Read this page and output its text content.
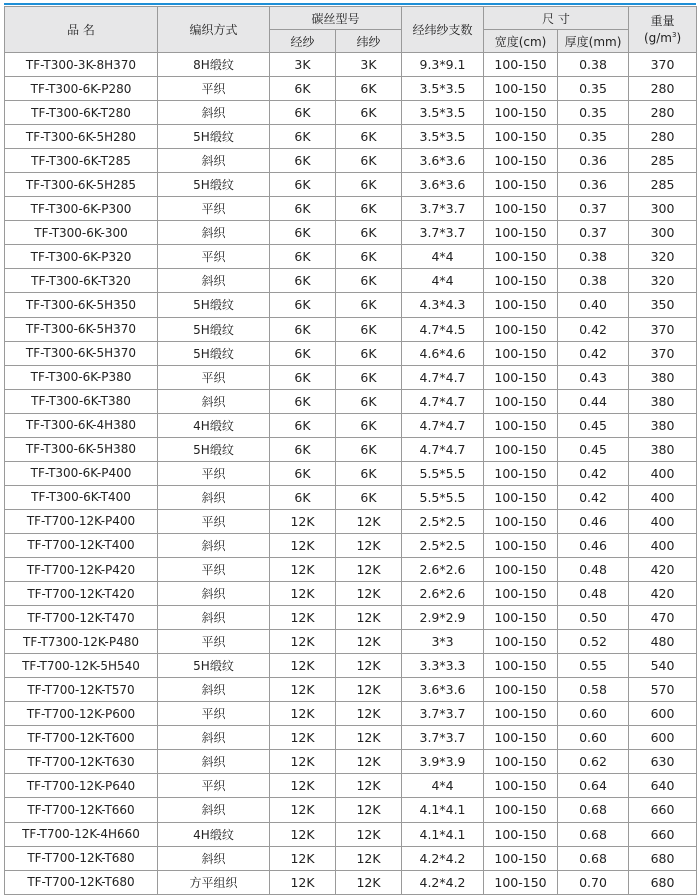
品 名	编织方式	碳丝型号		经纬纱支数	尺 寸		重量
$(g/m^3)$

		经纱	纬纱		宽度(cm)	厚度(mm)	
TF-T300-3K-8H370	8H缎纹	3K	3K	9.3*9.1	100-150	0.38	370
TF-T300-6K-P280	平织	6K	6K	3.5*3.5	100-150	0.35	280
TF-T300-6K-T280	斜织	6K	6K	3.5*3.5	100-150	0.35	280
TF-T300-6K-5H280	5H缎纹	6K	6K	3.5*3.5	100-150	0.35	280
TF-T300-6K-T285	斜织	6K	6K	3.6*3.6	100-150	0.36	285
TF-T300-6K-5H285	5H缎纹	6K	6K	3.6*3.6	100-150	0.36	285
TF-T300-6K-P300	平织	6K	6K	3.7*3.7	100-150	0.37	300
TF-T300-6K-300	斜织	6K	6K	3.7*3.7	100-150	0.37	300
TF-T300-6K-P320	平织	6K	6K	4*4	100-150	0.38	320
TF-T300-6K-T320	斜织	6K	6K	4*4	100-150	0.38	320
TF-T300-6K-5H350	5H缎纹	6K	6K	4.3*4.3	100-150	0.40	350
TF-T300-6K-5H370	5H缎纹	6K	6K	4.7*4.5	100-150	0.42	370
TF-T300-6K-5H370	5H缎纹	6K	6K	4.6*4.6	100-150	0.42	370
TF-T300-6K-P380	平织	6K	6K	4.7*4.7	100-150	0.43	380
TF-T300-6K-T380	斜织	6K	6K	4.7*4.7	100-150	0.44	380
TF-T300-6K-4H380	4H缎纹	6K	6K	4.7*4.7	100-150	0.45	380
TF-T300-6K-5H380	5H缎纹	6K	6K	4.7*4.7	100-150	0.45	380
TF-T300-6K-P400	平织	6K	6K	5.5*5.5	100-150	0.42	400
TF-T300-6K-T400	斜织	6K	6K	5.5*5.5	100-150	0.42	400
TF-T700-12K-P400	平织	12K	12K	2.5*2.5	100-150	0.46	400
TF-T700-12K-T400	斜织	12K	12K	2.5*2.5	100-150	0.46	400
TF-T700-12K-P420	平织	12K	12K	2.6*2.6	100-150	0.48	420
TF-T700-12K-T420	斜织	12K	12K	2.6*2.6	100-150	0.48	420
TF-T700-12K-T470	斜织	12K	12K	2.9*2.9	100-150	0.50	470
TF-T7300-12K-P480	平织	12K	12K	3*3	100-150	0.52	480
TF-T700-12K-5H540	5H缎纹	12K	12K	3.3*3.3	100-150	0.55	540
TF-T700-12K-T570	斜织	12K	12K	3.6*3.6	100-150	0.58	570
TF-T700-12K-P600	平织	12K	12K	3.7*3.7	100-150	0.60	600
TF-T700-12K-T600	斜织	12K	12K	3.7*3.7	100-150	0.60	600
TF-T700-12K-T630	斜织	12K	12K	3.9*3.9	100-150	0.62	630
TF-T700-12K-P640	平织	12K	12K	4*4	100-150	0.64	640
TF-T700-12K-T660	斜织	12K	12K	4.1*4.1	100-150	0.68	660
TF-T700-12K-4H660	4H缎纹	12K	12K	4.1*4.1	100-150	0.68	660
TF-T700-12K-T680	斜织	12K	12K	4.2*4.2	100-150	0.68	680
TF-T700-12K-T680	方平组织	12K	12K	4.2*4.2	100-150	0.70	680
